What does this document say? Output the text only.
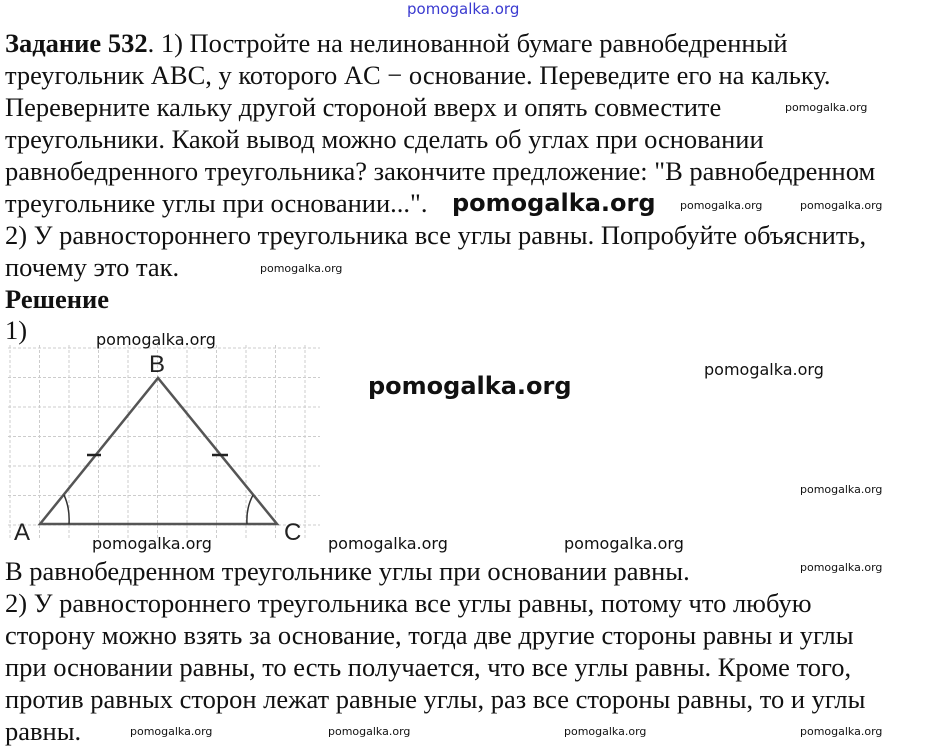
pomogalka.org
Задание 532. 1) Постройте на нелинованной бумаге равнобедренный
треугольник ABC, у которого AC − основание. Переведите его на кальку.
Переверните кальку другой стороной вверх и опять совместите
треугольники. Какой вывод можно сделать об углах при основании
равнобедренного треугольника? закончите предложение: "В равнобедренном
треугольнике углы при основании...".
2) У равностороннего треугольника все углы равны. Попробуйте объяснить,
почему это так.
Решение
1)
A
B
C
В равнобедренном треугольнике углы при основании равны.
2) У равностороннего треугольника все углы равны, потому что любую
сторону можно взять за основание, тогда две другие стороны равны и углы
при основании равны, то есть получается, что все углы равны. Кроме того,
против равных сторон лежат равные углы, раз все стороны равны, то и углы
равны.
pomogalka.org
pomogalka.org
pomogalka.org	pomogalka.org
pomogalka.org
pomogalka.org
pomogalka.org
pomogalka.org
pomogalka.org
pomogalka.org	pomogalka.org	pomogalka.org
pomogalka.org
pomogalka.org	pomogalka.org	pomogalka.org	pomogalka.org
